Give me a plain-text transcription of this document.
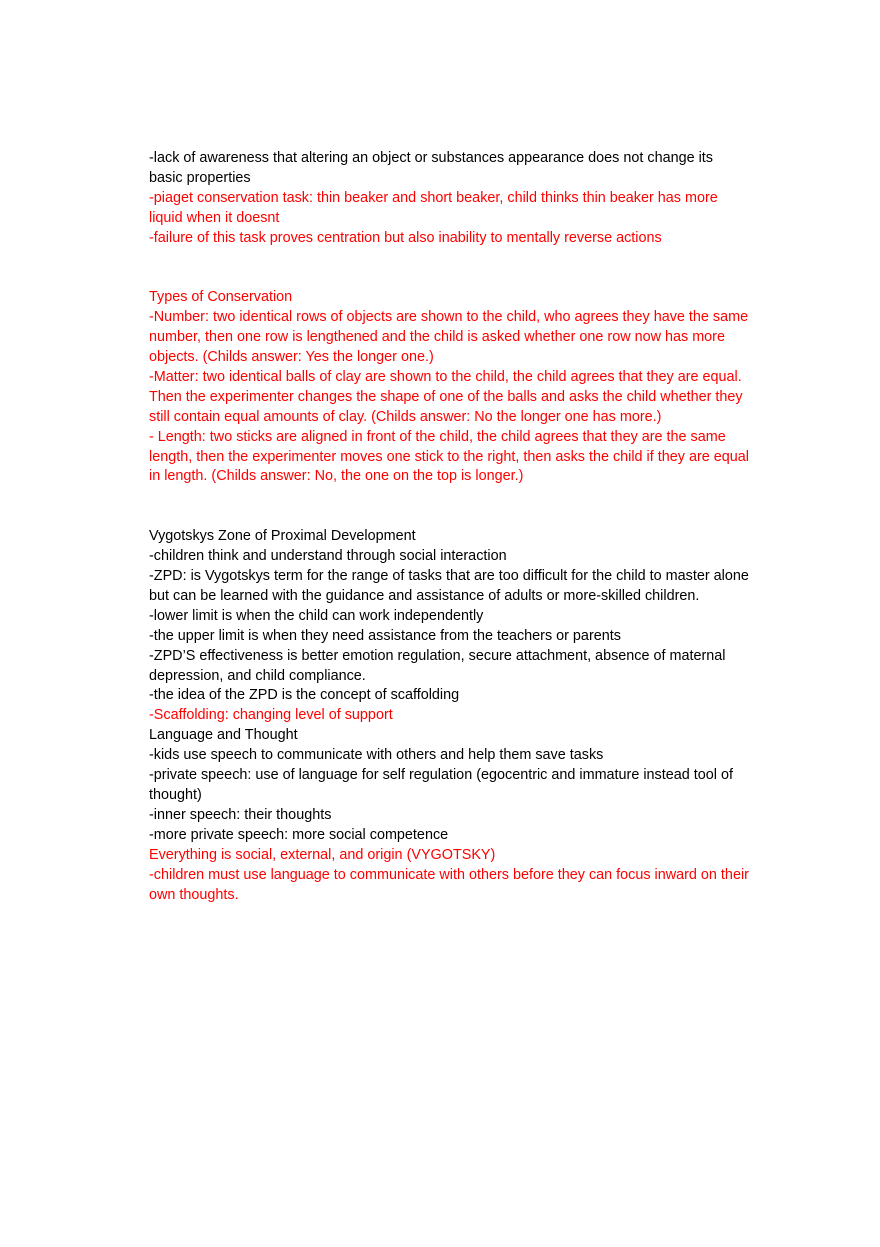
-lack of awareness that altering an object or substances appearance does not change its basic properties

-piaget conservation task: thin beaker and short beaker, child thinks thin beaker has more liquid when it doesnt

-failure of this task proves centration but also inability to mentally reverse actions

Types of Conservation

-Number: two identical rows of objects are shown to the child, who agrees they have the same number, then one row is lengthened and the child is asked whether one row now has more objects. (Childs answer: Yes the longer one.)

-Matter: two identical balls of clay are shown to the child, the child agrees that they are equal. Then the experimenter changes the shape of one of the balls and asks the child whether they still contain equal amounts of clay. (Childs answer: No the longer one has more.)

- Length: two sticks are aligned in front of the child, the child agrees that they are the same length, then the experimenter moves one stick to the right, then asks the child if they are equal in length. (Childs answer: No, the one on the top is longer.)

Vygotskys Zone of Proximal Development

-children think and understand through social interaction

-ZPD: is Vygotskys term for the range of tasks that are too difficult for the child to master alone but can be learned with the guidance and assistance of adults or more-skilled children.

-lower limit is when the child can work independently

-the upper limit is when they need assistance from the teachers or parents

-ZPD’S effectiveness is better emotion regulation, secure attachment, absence of maternal depression, and child compliance.

-the idea of the ZPD is the concept of scaffolding

-Scaffolding: changing level of support

Language and Thought

-kids use speech to communicate with others and help them save tasks

-private speech: use of language for self regulation (egocentric and immature instead tool of thought)

-inner speech: their thoughts

-more private speech: more social competence

Everything is social, external, and origin (VYGOTSKY)

-children must use language to communicate with others before they can focus inward on their own thoughts.
